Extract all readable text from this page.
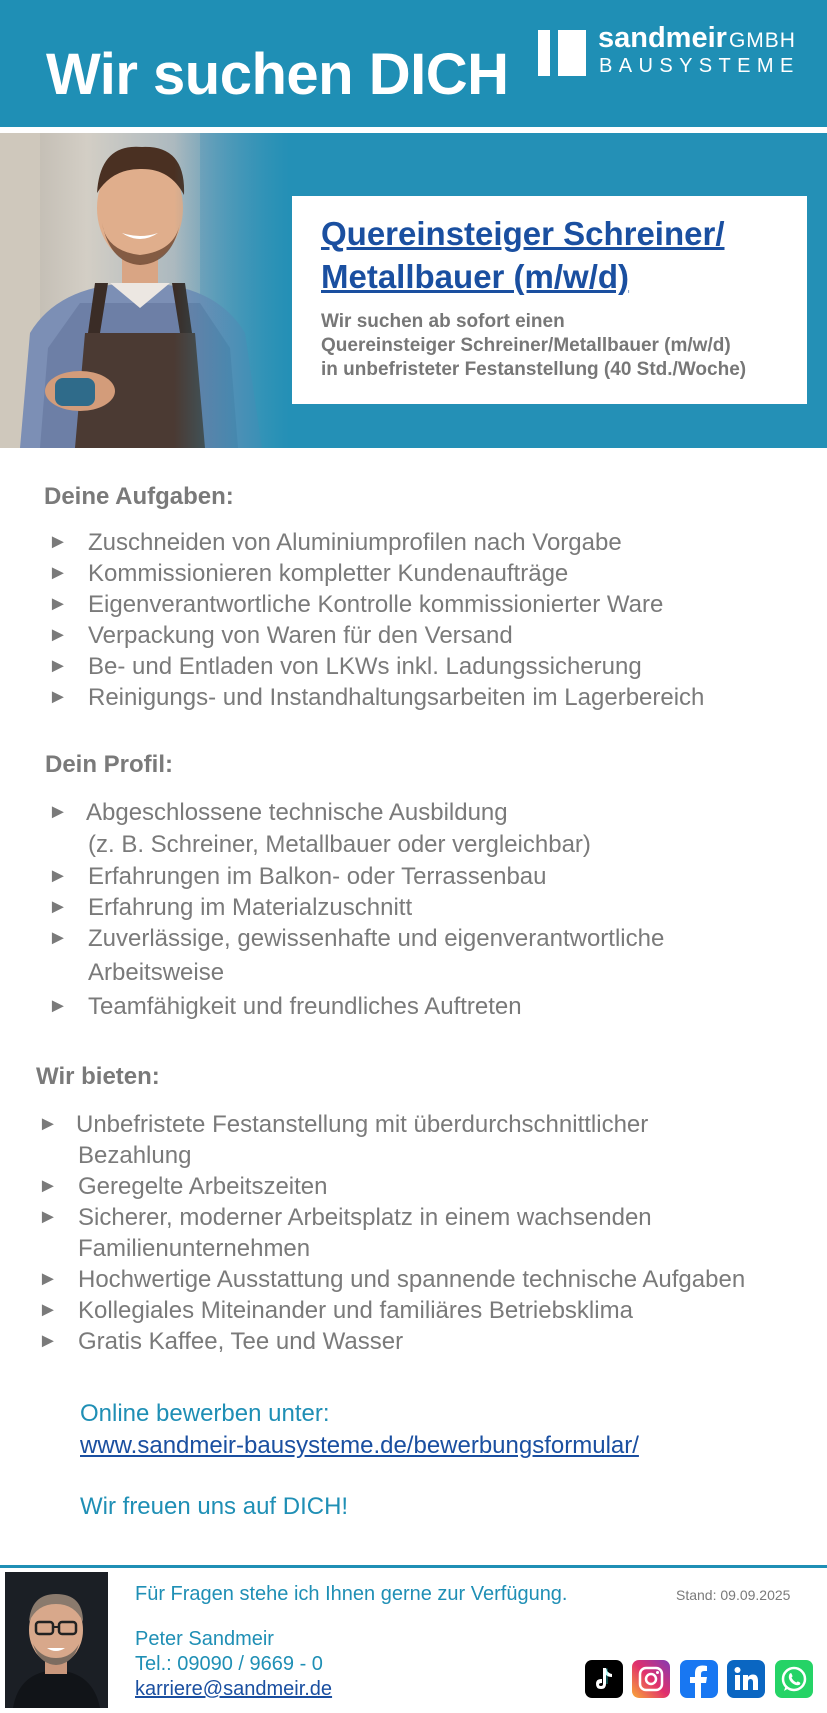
Wir suchen DICH
sandmeirGMBH
BAUSYSTEME
Quereinsteiger Schreiner/
Metallbauer (m/w/d)
Wir suchen ab sofort einen
Quereinsteiger Schreiner/Metallbauer (m/w/d)
in unbefristeter Festanstellung (40 Std./Woche)
Deine Aufgaben:
► Zuschneiden von Aluminiumprofilen nach Vorgabe
► Kommissionieren kompletter Kundenaufträge
► Eigenverantwortliche Kontrolle kommissionierter Ware
► Verpackung von Waren für den Versand
► Be- und Entladen von LKWs inkl. Ladungssicherung
► Reinigungs- und Instandhaltungsarbeiten im Lagerbereich
Dein Profil:
► Abgeschlossene technische Ausbildung
(z. B. Schreiner, Metallbauer oder vergleichbar)
► Erfahrungen im Balkon- oder Terrassenbau
► Erfahrung im Materialzuschnitt
► Zuverlässige, gewissenhafte und eigenverantwortliche
Arbeitsweise
► Teamfähigkeit und freundliches Auftreten
Wir bieten:
► Unbefristete Festanstellung mit überdurchschnittlicher
Bezahlung
► Geregelte Arbeitszeiten
► Sicherer, moderner Arbeitsplatz in einem wachsenden
Familienunternehmen
► Hochwertige Ausstattung und spannende technische Aufgaben
► Kollegiales Miteinander und familiäres Betriebsklima
► Gratis Kaffee, Tee und Wasser
Online bewerben unter:
www.sandmeir-bausysteme.de/bewerbungsformular/
Wir freuen uns auf DICH!
Für Fragen stehe ich Ihnen gerne zur Verfügung.	Stand: 09.09.2025
Peter Sandmeir
Tel.: 09090 / 9669 - 0
karriere@sandmeir.de
